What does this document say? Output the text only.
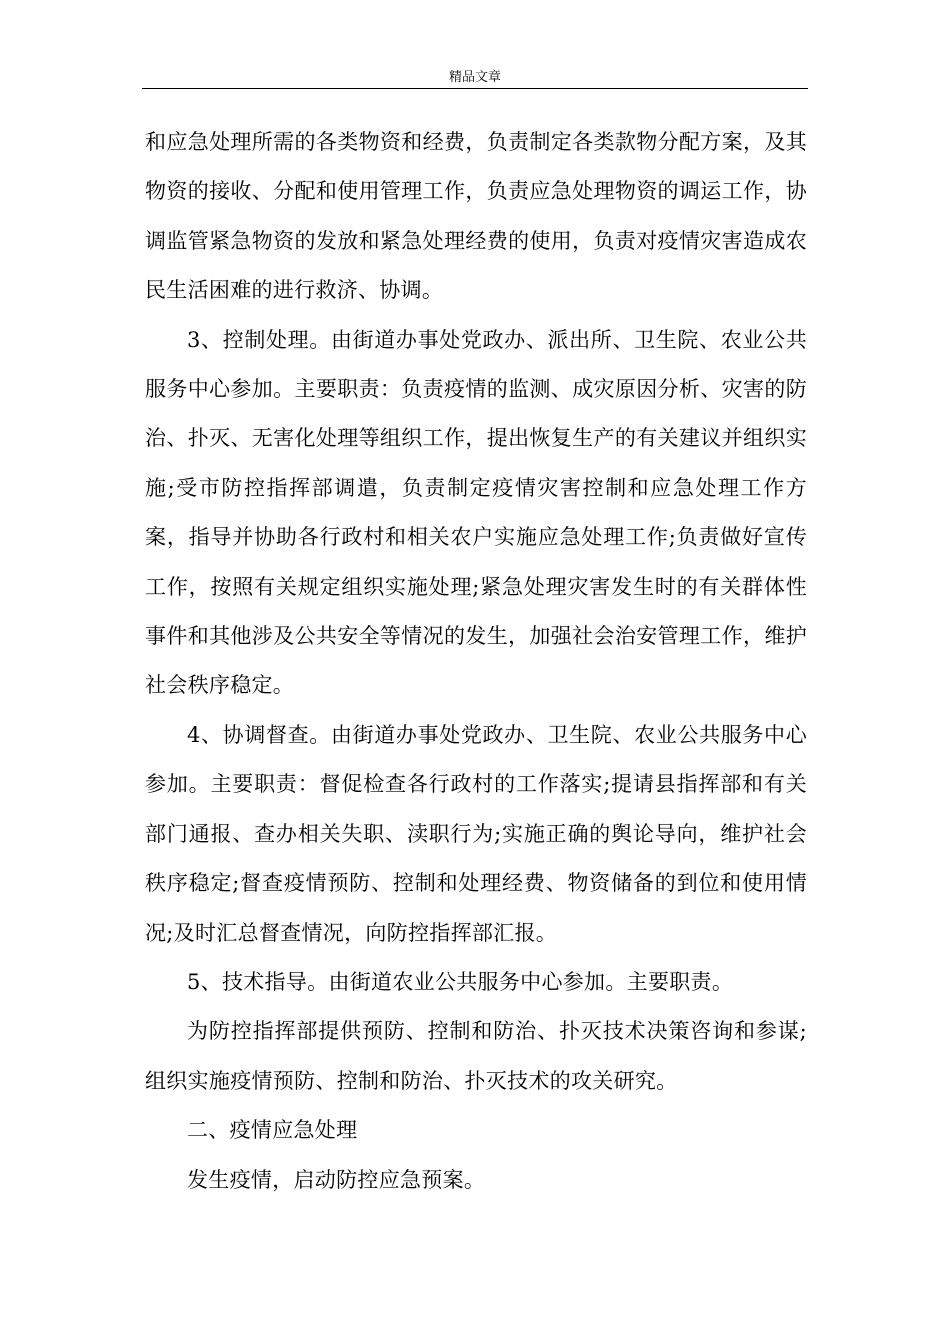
精品文章

和应急处理所需的各类物资和经费，负责制定各类款物分配方案，及其物资的接收、分配和使用管理工作，负责应急处理物资的调运工作，协调监管紧急物资的发放和紧急处理经费的使用，负责对疫情灾害造成农民生活困难的进行救济、协调。

3、控制处理。由街道办事处党政办、派出所、卫生院、农业公共服务中心参加。主要职责：负责疫情的监测、成灾原因分析、灾害的防治、扑灭、无害化处理等组织工作，提出恢复生产的有关建议并组织实施;受市防控指挥部调遣，负责制定疫情灾害控制和应急处理工作方案，指导并协助各行政村和相关农户实施应急处理工作;负责做好宣传工作，按照有关规定组织实施处理;紧急处理灾害发生时的有关群体性事件和其他涉及公共安全等情况的发生，加强社会治安管理工作，维护社会秩序稳定。

4、协调督查。由街道办事处党政办、卫生院、农业公共服务中心参加。主要职责：督促检查各行政村的工作落实;提请县指挥部和有关部门通报、查办相关失职、渎职行为;实施正确的舆论导向，维护社会秩序稳定;督查疫情预防、控制和处理经费、物资储备的到位和使用情况;及时汇总督查情况，向防控指挥部汇报。

5、技术指导。由街道农业公共服务中心参加。主要职责。

为防控指挥部提供预防、控制和防治、扑灭技术决策咨询和参谋;组织实施疫情预防、控制和防治、扑灭技术的攻关研究。

二、疫情应急处理

发生疫情，启动防控应急预案。
